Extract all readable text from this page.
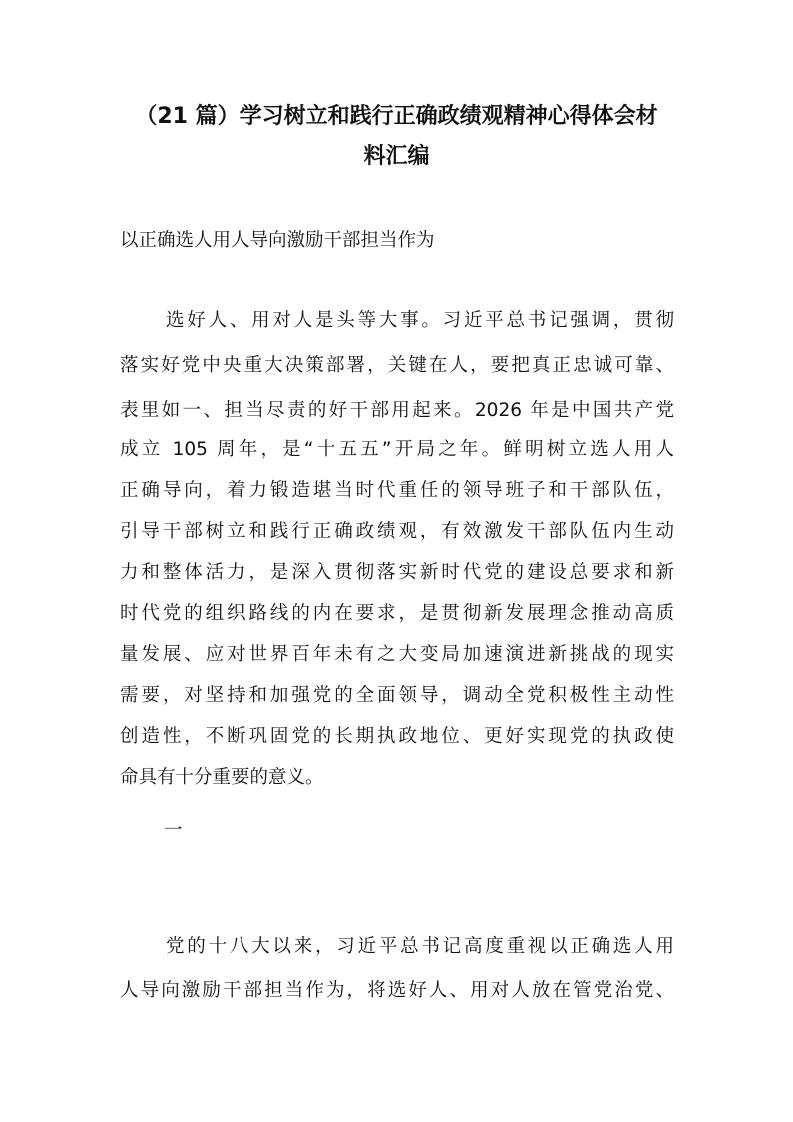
（21 篇）学习树立和践行正确政绩观精神心得体会材
料汇编

以正确选人用人导向激励干部担当作为

选好人、用对人是头等大事。习近平总书记强调，贯彻

落实好党中央重大决策部署，关键在人，要把真正忠诚可靠、

表里如一、担当尽责的好干部用起来。2026 年是中国共产党

成立 105 周年，是“十五五”开局之年。鲜明树立选人用人

正确导向，着力锻造堪当时代重任的领导班子和干部队伍，

引导干部树立和践行正确政绩观，有效激发干部队伍内生动

力和整体活力，是深入贯彻落实新时代党的建设总要求和新

时代党的组织路线的内在要求，是贯彻新发展理念推动高质

量发展、应对世界百年未有之大变局加速演进新挑战的现实

需要，对坚持和加强党的全面领导，调动全党积极性主动性

创造性，不断巩固党的长期执政地位、更好实现党的执政使

命具有十分重要的意义。

一

党的十八大以来，习近平总书记高度重视以正确选人用

人导向激励干部担当作为，将选好人、用对人放在管党治党、
